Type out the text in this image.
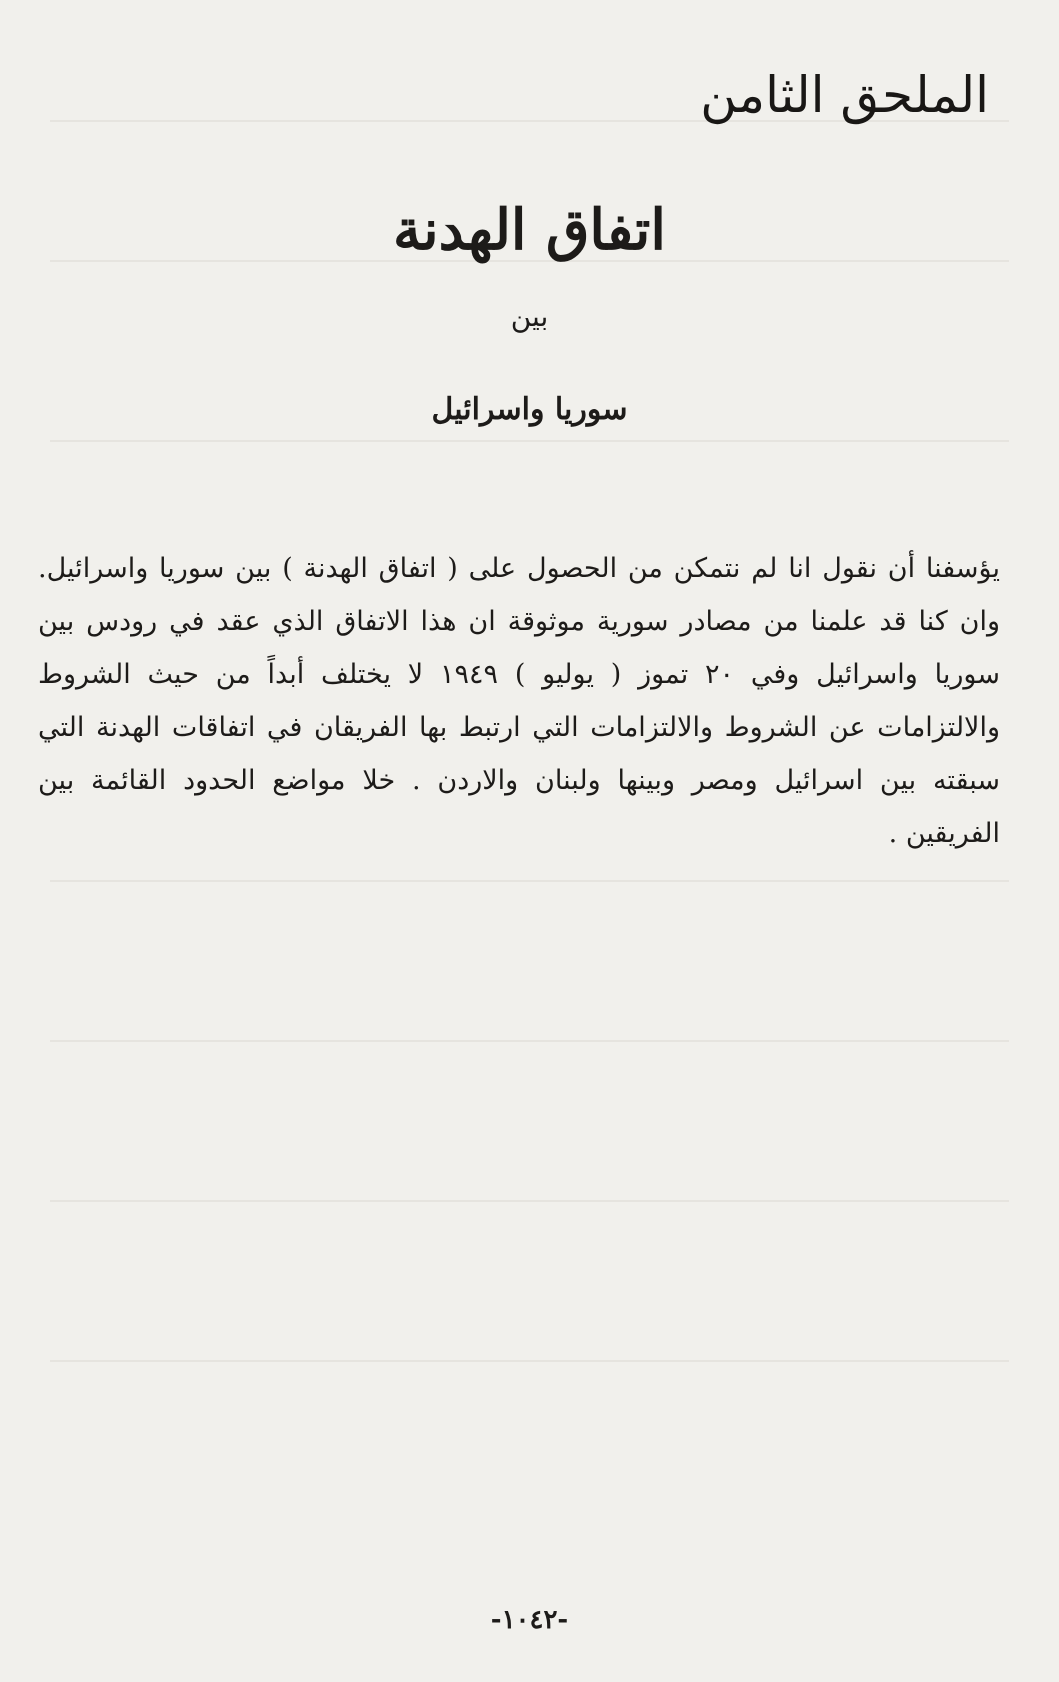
الملحق الثامن
اتفاق الهدنة
بين
سوريا واسرائيل

يؤسفنا أن نقول انا لم نتمكن من الحصول على ( اتفاق الهدنة ) بين سوريا واسرائيل. وان كنا قد علمنا من مصادر سورية موثوقة ان هذا الاتفاق الذي عقد في رودس بين سوريا واسرائيل وفي ٢٠ تموز ( يوليو ) ١٩٤٩ لا يختلف أبداً من حيث الشروط والالتزامات عن الشروط والالتزامات التي ارتبط بها الفريقان في اتفاقات الهدنة التي سبقته بين اسرائيل ومصر وبينها ولبنان والاردن . خلا مواضع الحدود القائمة بين الفريقين .

-١٠٤٢-
